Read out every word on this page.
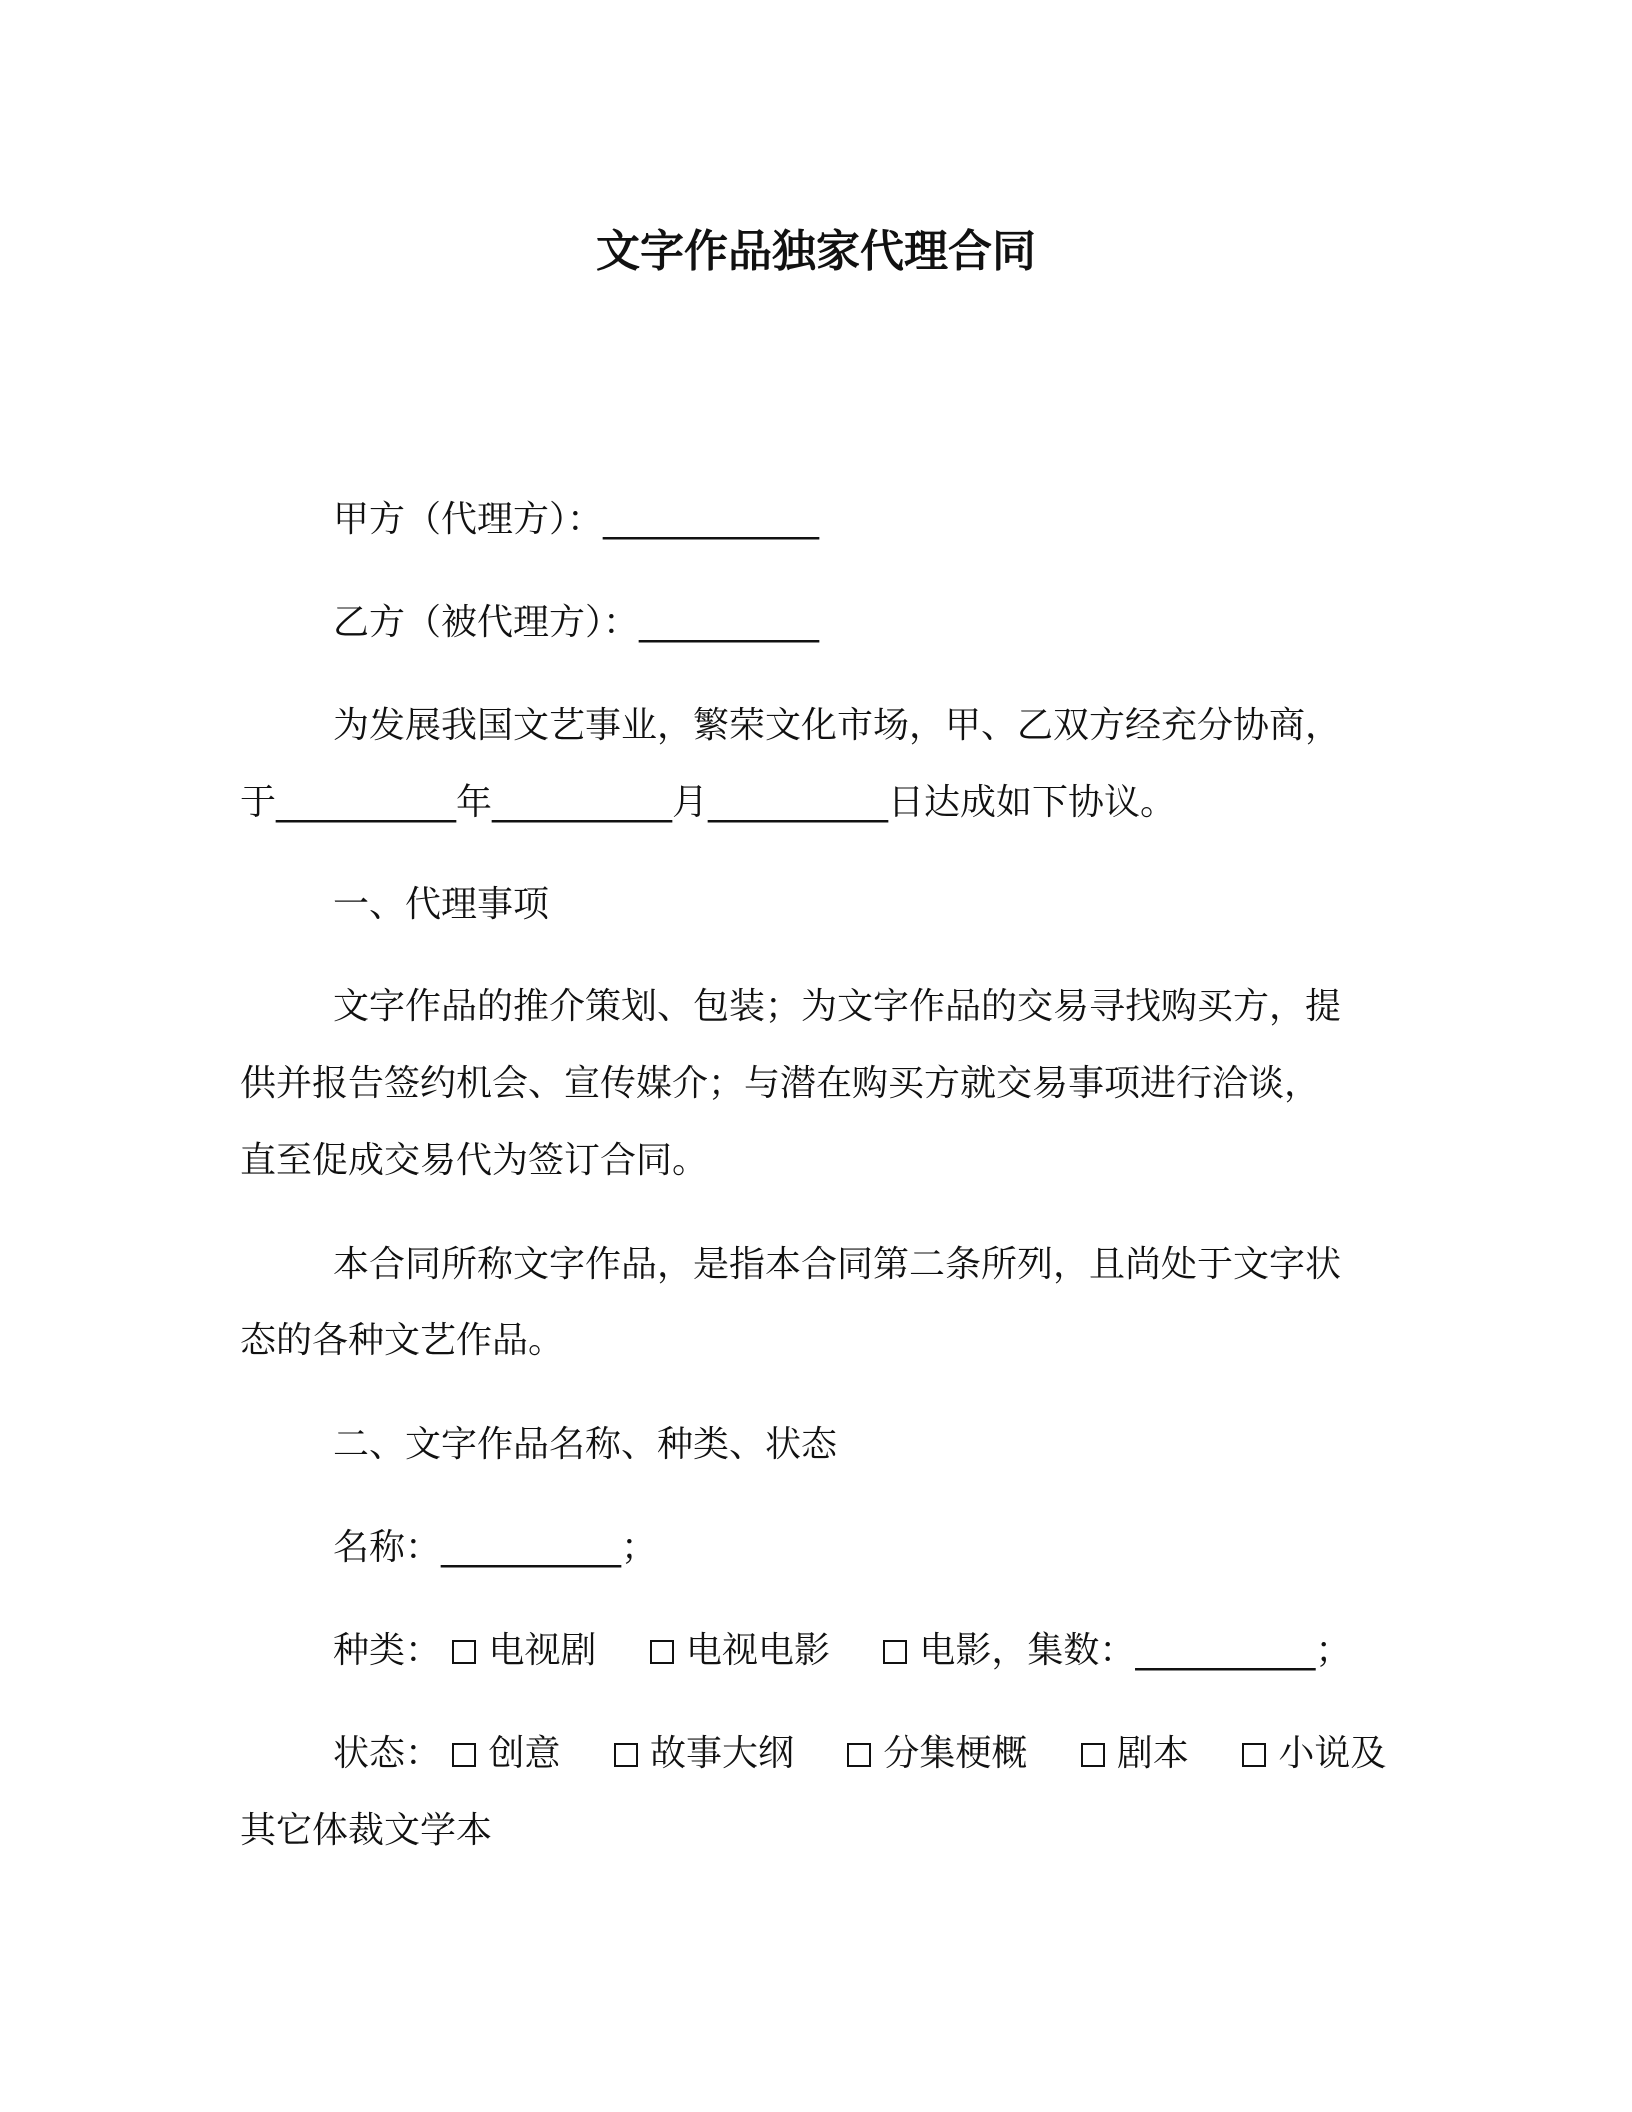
文字作品独家代理合同
甲方（代理方）：____________
乙方（被代理方）：__________
为发展我国文艺事业，繁荣文化市场，甲、乙双方经充分协商，
于__________年__________月__________日达成如下协议。
一、代理事项
文字作品的推介策划、包装；为文字作品的交易寻找购买方，提
供并报告签约机会、宣传媒介；与潜在购买方就交易事项进行洽谈，
直至促成交易代为签订合同。
本合同所称文字作品，是指本合同第二条所列，且尚处于文字状
态的各种文艺作品。
二、文字作品名称、种类、状态
名称：__________；
种类： 电视剧 电视电影 电影，集数：__________；
状态： 创意 故事大纲 分集梗概 剧本 小说及
其它体裁文学本
